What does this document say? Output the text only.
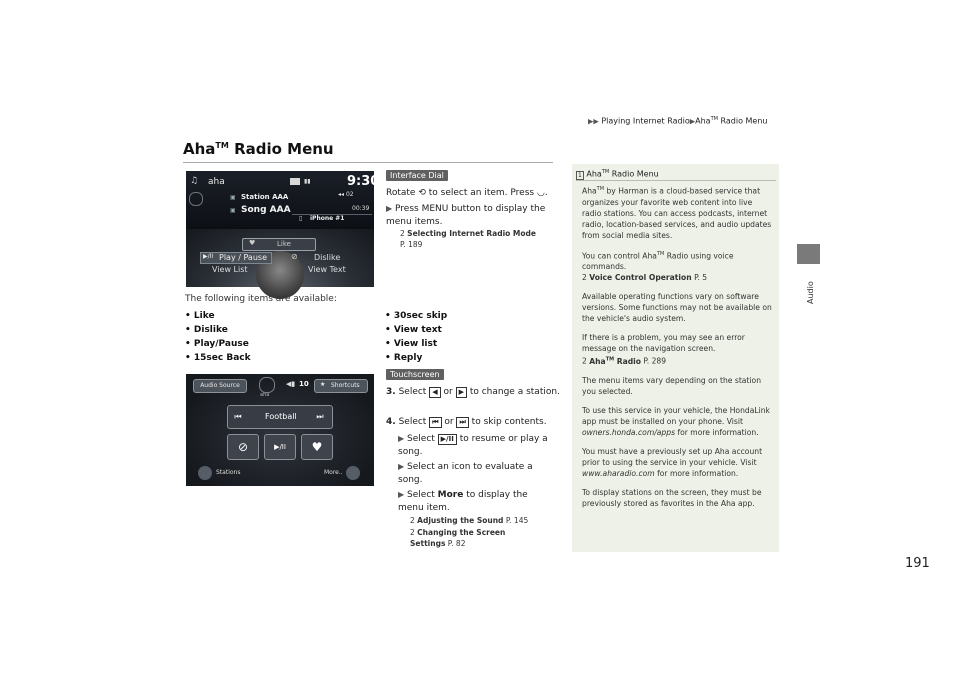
▶▶ Playing Internet Radio▶Aha™ Radio Menu
191
Audio
Aha™ Radio Menu
♫ aha	▮▮	9:30
▣ Station AAA
▣ Song AAA
◂◂ 02
00:39
▯ iPhone #1
♥	Like
▶/II Play / Pause	⊘ Dislike
View List	View Text
The following items are available:
• Like
• Dislike
• Play/Pause
• 15sec Back
• 30sec skip
• View text
• View list
• Reply
Interface Dial
Rotate ⟲ to select an item. Press ◡.
▶ Press MENU button to display the menu items.
2 Selecting Internet Radio Mode
P. 189
Audio Source
aha
◀▮ 10 ★ Shortcuts
⏮	Football	⏭
⊘	▶/II	♥
Stations	More..
Touchscreen
3. Select ◀ or ▶ to change a station.
4. Select ⏮ or ⏭ to skip contents.
▶ Select ▶/II to resume or play a song.
▶ Select an icon to evaluate a song.
▶ Select More to display the menu item.
2 Adjusting the Sound P. 145
2 Changing the Screen Settings P. 82
1 Aha™ Radio Menu

Aha™ by Harman is a cloud-based service that organizes your favorite web content into live radio stations. You can access podcasts, internet radio, location-based services, and audio updates from social media sites.

You can control Aha™ Radio using voice commands.
2 Voice Control Operation P. 5

Available operating functions vary on software versions. Some functions may not be available on the vehicle's audio system.

If there is a problem, you may see an error message on the navigation screen.
2 Aha™ Radio P. 289

The menu items vary depending on the station you selected.

To use this service in your vehicle, the HondaLink app must be installed on your phone. Visit owners.honda.com/apps for more information.

You must have a previously set up Aha account prior to using the service in your vehicle. Visit www.aharadio.com for more information.

To display stations on the screen, they must be previously stored as favorites in the Aha app.
